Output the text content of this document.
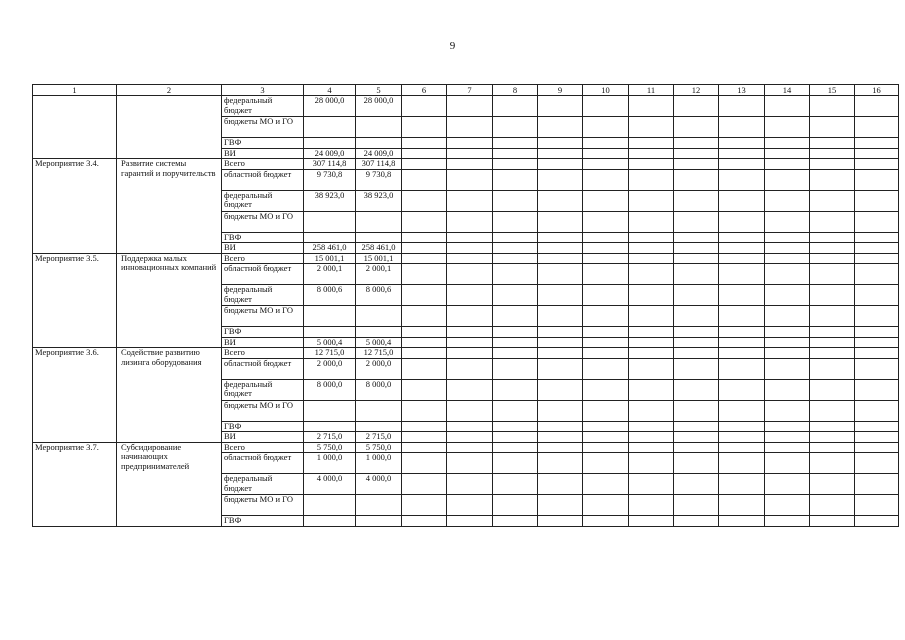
9
1	2	3	4	5	6	7	8	9	10	11	12	13	14	15	16
		федеральный бюджет	28 000,0	28 000,0											
		бюджеты МО и ГО													
		ГВФ													
		ВИ	24 009,0	24 009,0											
Мероприятие 3.4.	Развитие системы гарантий и поручительств	Всего	307 114,8	307 114,8											
		областной бюджет	9 730,8	9 730,8											
		федеральный бюджет	38 923,0	38 923,0											
		бюджеты МО и ГО													
		ГВФ													
		ВИ	258 461,0	258 461,0											
Мероприятие 3.5.	Поддержка малых инновационных компаний	Всего	15 001,1	15 001,1											
		областной бюджет	2 000,1	2 000,1											
		федеральный бюджет	8 000,6	8 000,6											
		бюджеты МО и ГО													
		ГВФ													
		ВИ	5 000,4	5 000,4											
Мероприятие 3.6.	Содействие развитию лизинга оборудования	Всего	12 715,0	12 715,0											
		областной бюджет	2 000,0	2 000,0											
		федеральный бюджет	8 000,0	8 000,0											
		бюджеты МО и ГО													
		ГВФ													
		ВИ	2 715,0	2 715,0											
Мероприятие 3.7.	Субсидирование начинающих предпринимателей	Всего	5 750,0	5 750,0											
		областной бюджет	1 000,0	1 000,0											
		федеральный бюджет	4 000,0	4 000,0											
		бюджеты МО и ГО													
		ГВФ													
